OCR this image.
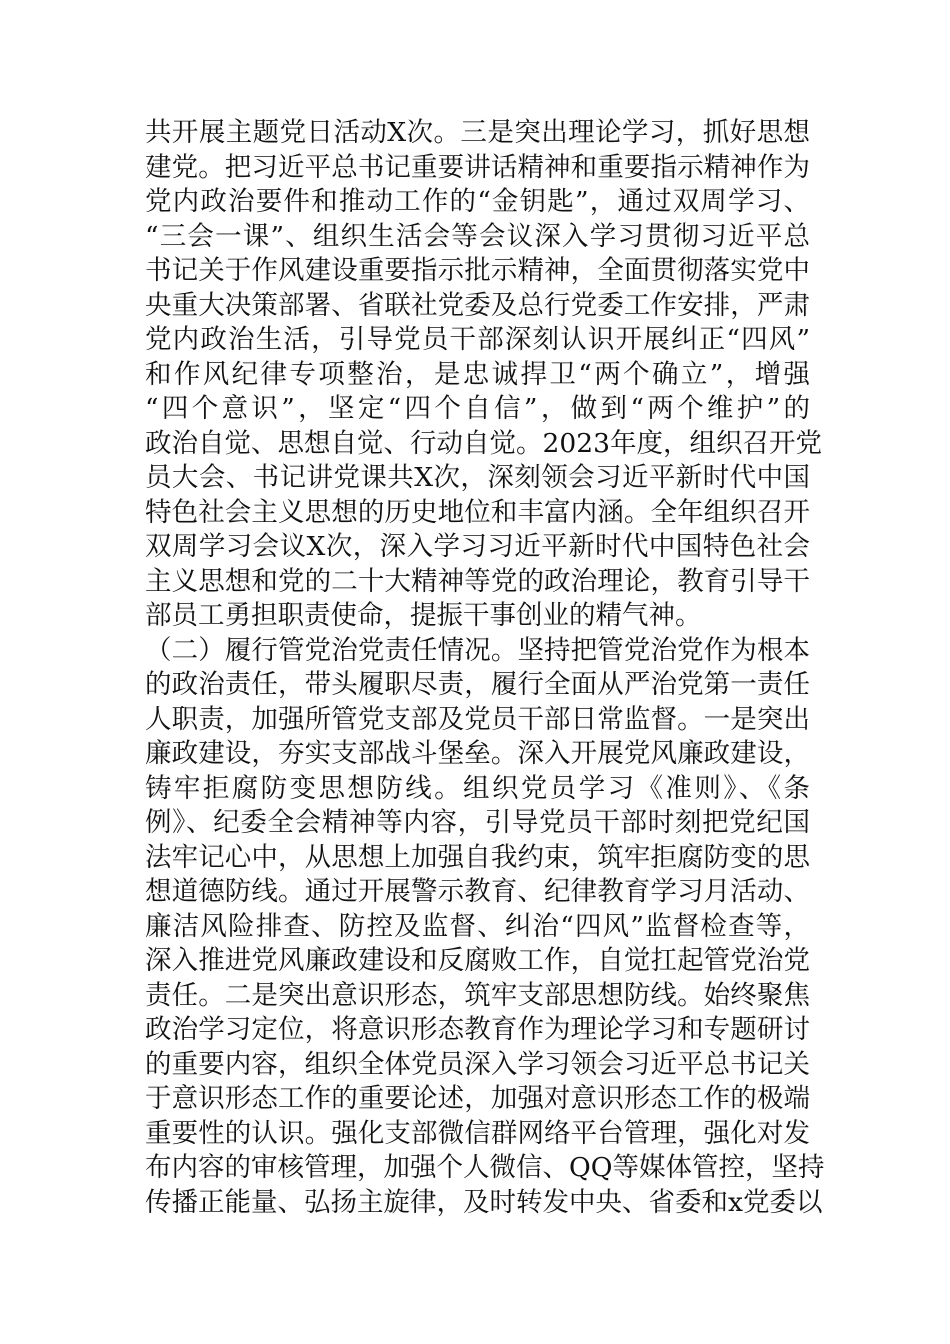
共开展主题党日活动X次。三是突出理论学习，抓好思想
建党。把习近平总书记重要讲话精神和重要指示精神作为
党内政治要件和推动工作的“金钥匙”，通过双周学习、
“三会一课”、组织生活会等会议深入学习贯彻习近平总
书记关于作风建设重要指示批示精神，全面贯彻落实党中
央重大决策部署、省联社党委及总行党委工作安排，严肃
党内政治生活，引导党员干部深刻认识开展纠正“四风”
和作风纪律专项整治，是忠诚捍卫“两个确立”，增强
“四个意识”，坚定“四个自信”，做到“两个维护”的
政治自觉、思想自觉、行动自觉。2023年度，组织召开党
员大会、书记讲党课共X次，深刻领会习近平新时代中国
特色社会主义思想的历史地位和丰富内涵。全年组织召开
双周学习会议X次，深入学习习近平新时代中国特色社会
主义思想和党的二十大精神等党的政治理论，教育引导干
部员工勇担职责使命，提振干事创业的精气神。
（二）履行管党治党责任情况。坚持把管党治党作为根本
的政治责任，带头履职尽责，履行全面从严治党第一责任
人职责，加强所管党支部及党员干部日常监督。一是突出
廉政建设，夯实支部战斗堡垒。深入开展党风廉政建设，
铸牢拒腐防变思想防线。组织党员学习《准则》、《条
例》、纪委全会精神等内容，引导党员干部时刻把党纪国
法牢记心中，从思想上加强自我约束，筑牢拒腐防变的思
想道德防线。通过开展警示教育、纪律教育学习月活动、
廉洁风险排查、防控及监督、纠治“四风”监督检查等，
深入推进党风廉政建设和反腐败工作，自觉扛起管党治党
责任。二是突出意识形态，筑牢支部思想防线。始终聚焦
政治学习定位，将意识形态教育作为理论学习和专题研讨
的重要内容，组织全体党员深入学习领会习近平总书记关
于意识形态工作的重要论述，加强对意识形态工作的极端
重要性的认识。强化支部微信群网络平台管理，强化对发
布内容的审核管理，加强个人微信、QQ等媒体管控，坚持
传播正能量、弘扬主旋律，及时转发中央、省委和x党委以
